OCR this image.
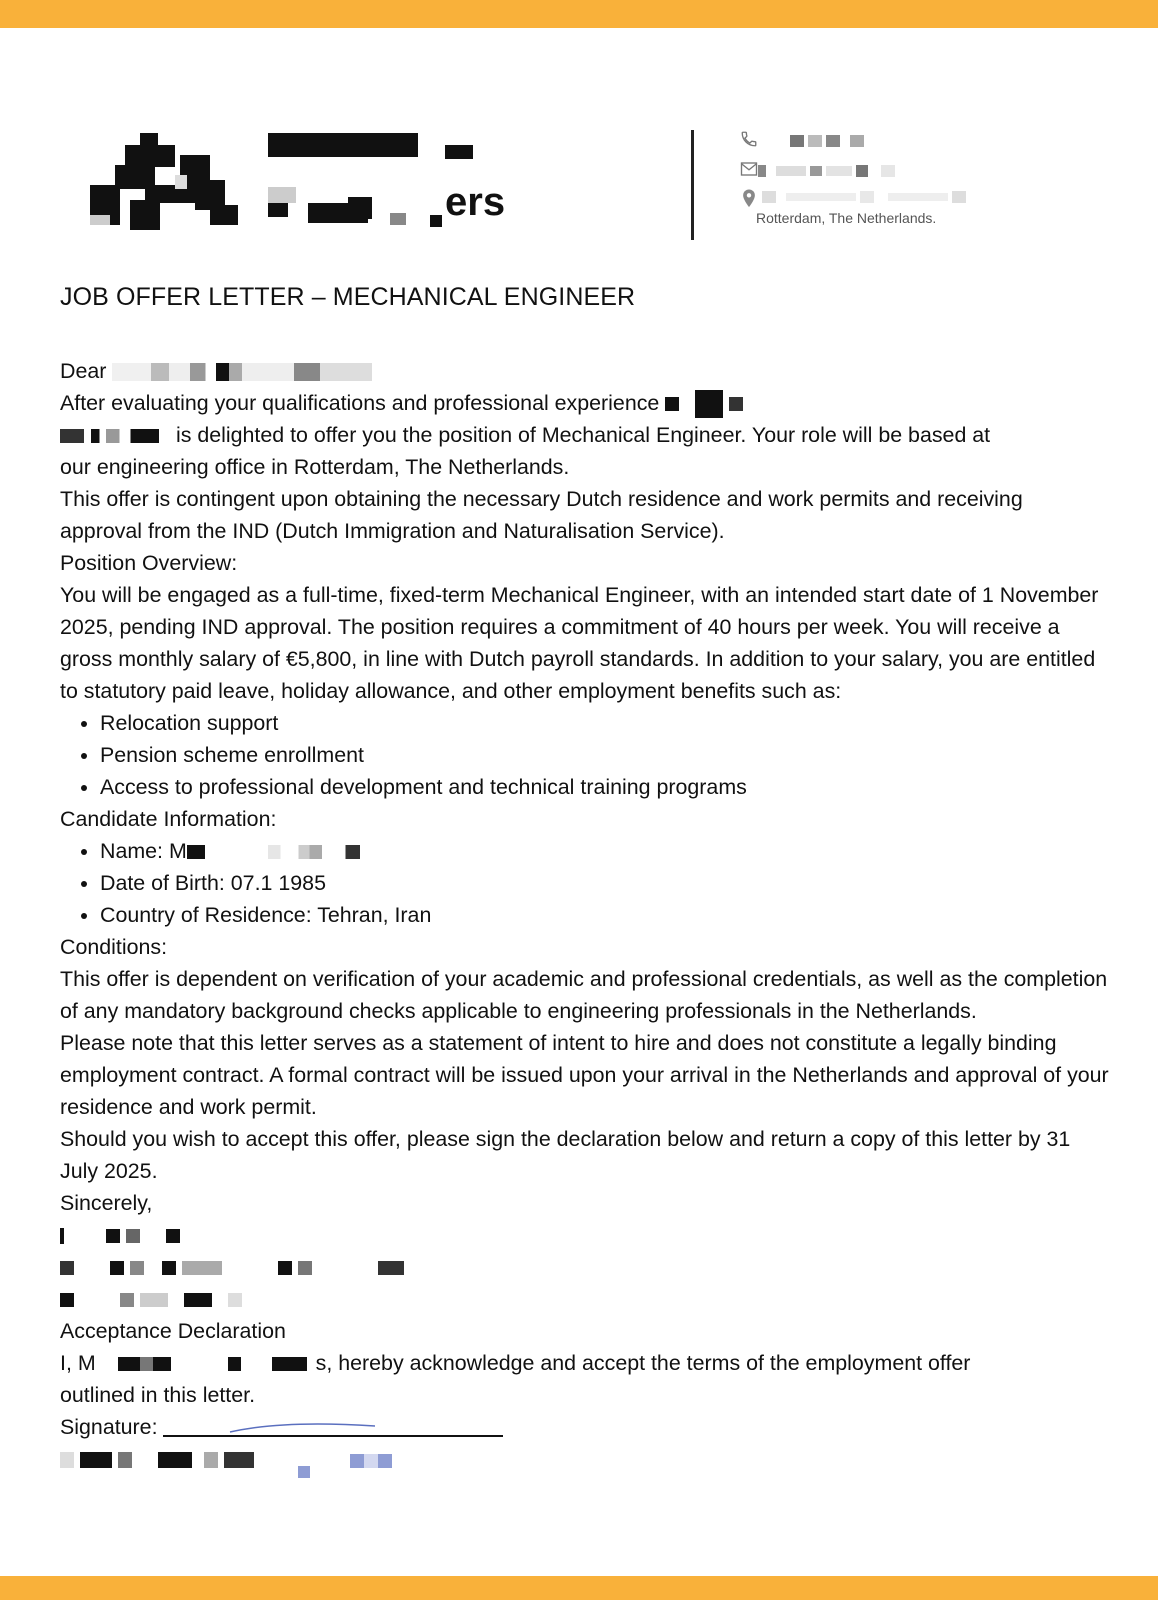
ers

	Rotterdam, The Netherlands.
JOB OFFER LETTER – MECHANICAL ENGINEER
Dear
After evaluating your qualifications and professional experience
is delighted to offer you the position of Mechanical Engineer. Your role will be based at

our engineering office in Rotterdam, The Netherlands.

This offer is contingent upon obtaining the necessary Dutch residence and work permits and receiving approval from the IND (Dutch Immigration and Naturalisation Service).

Position Overview:

You will be engaged as a full-time, fixed-term Mechanical Engineer, with an intended start date of 1 November 2025, pending IND approval. The position requires a commitment of 40 hours per week. You will receive a gross monthly salary of €5,800, in line with Dutch payroll standards. In addition to your salary, you are entitled to statutory paid leave, holiday allowance, and other employment benefits such as:

• Relocation support
• Pension scheme enrollment
• Access to professional development and technical training programs

Candidate Information:

• Name: M
• Date of Birth: 07.1 1985
• Country of Residence: Tehran, Iran

Conditions:

This offer is dependent on verification of your academic and professional credentials, as well as the completion of any mandatory background checks applicable to engineering professionals in the Netherlands.

Please note that this letter serves as a statement of intent to hire and does not constitute a legally binding employment contract. A formal contract will be issued upon your arrival in the Netherlands and approval of your residence and work permit.

Should you wish to accept this offer, please sign the declaration below and return a copy of this letter by 31 July 2025.

Sincerely,

Acceptance Declaration

I, M	s, hereby acknowledge and accept the terms of the employment offer

outlined in this letter.

Signature:
